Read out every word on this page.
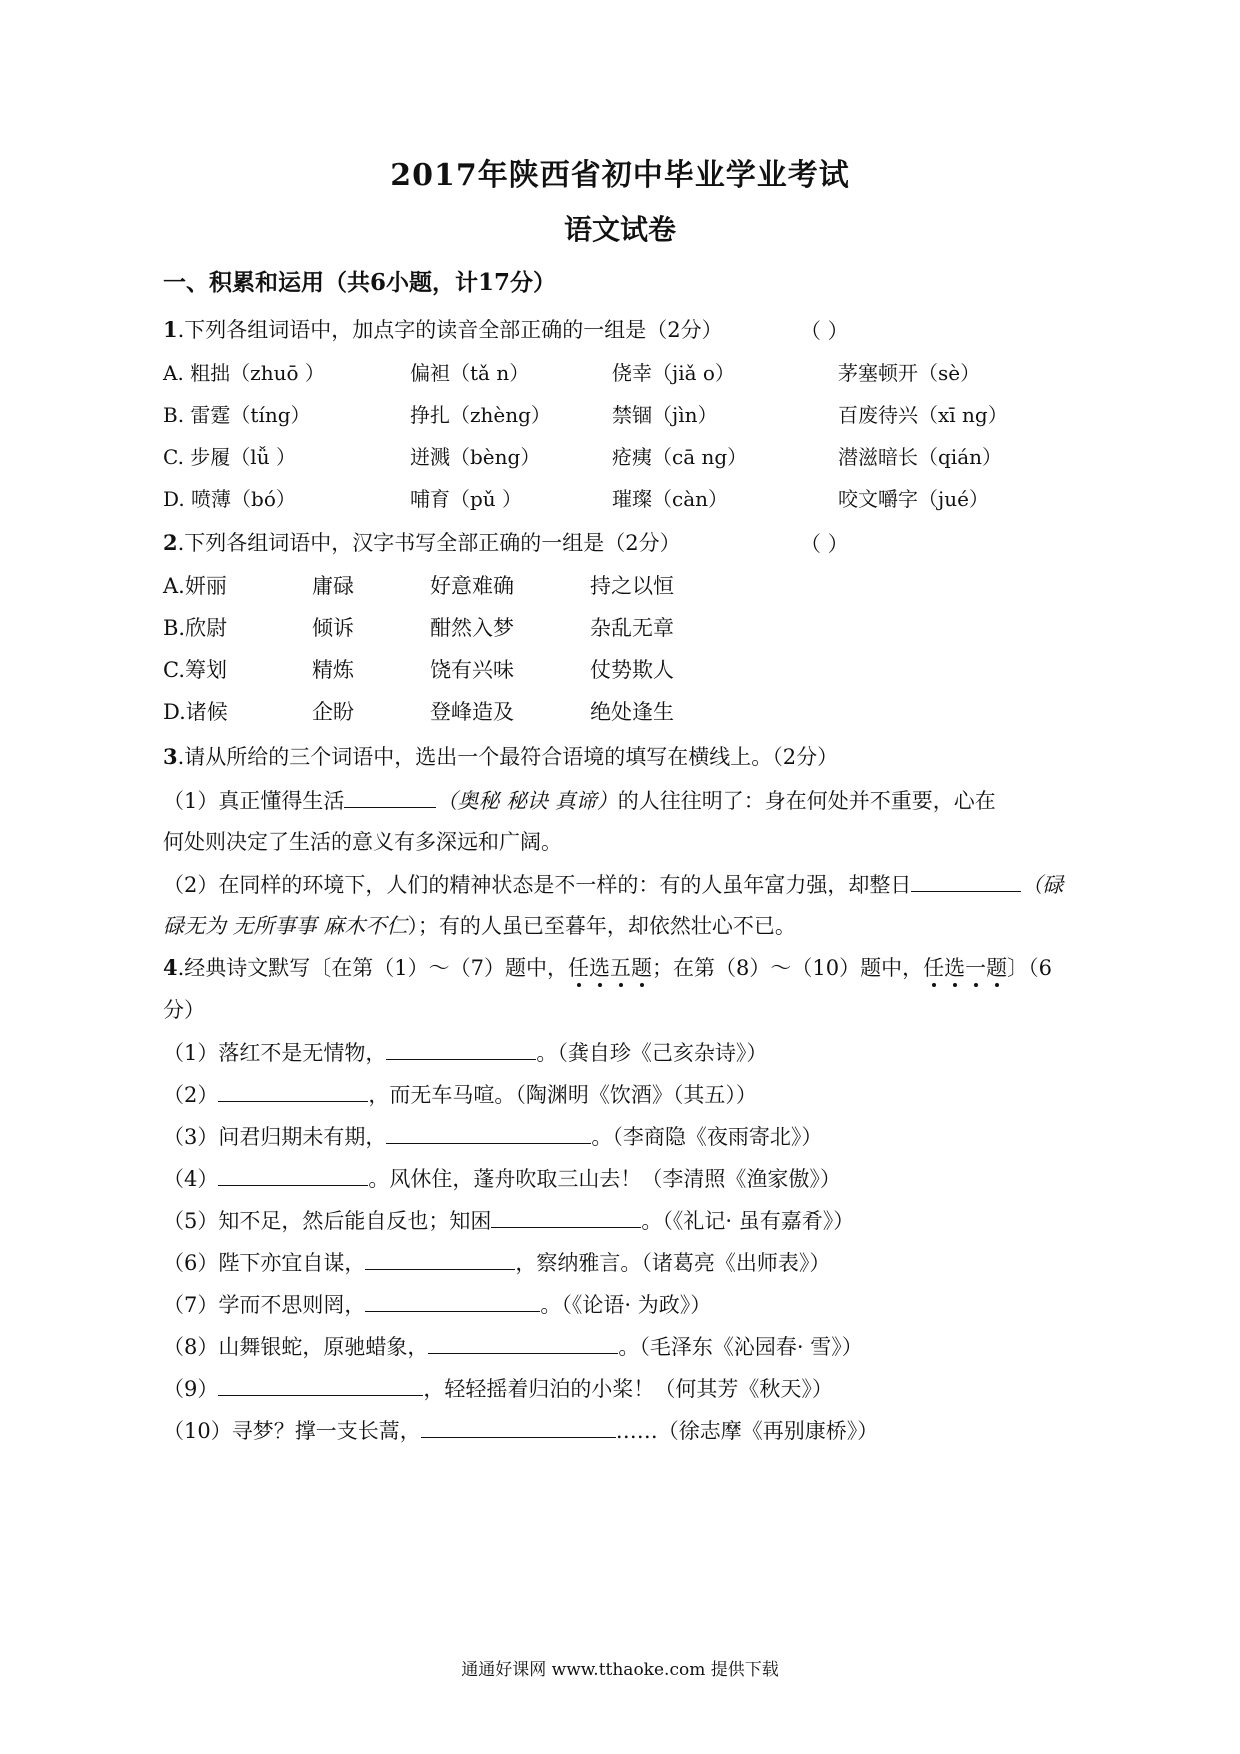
2017年陕西省初中毕业学业考试
语文试卷
一、积累和运用（共6小题，计17分）
1.下列各组词语中，加点字的读音全部正确的一组是（2分）	（ ）
A. 粗拙（zhuō ）	偏袒（tǎ n）	侥幸（jiǎ o）	茅塞顿开（sè）
B. 雷霆（tíng）	挣扎（zhèng）	禁锢（jìn）	百废待兴（xī ng）
C. 步履（lǚ ）	迸溅（bèng）	疮痍（cā ng）	潜滋暗长（qián）
D. 喷薄（bó）	哺育（pǔ ）	璀璨（càn）	咬文嚼字（jué）
2.下列各组词语中，汉字书写全部正确的一组是（2分）	（ ）
A.妍丽	庸碌	好意难确	持之以恒
B.欣尉	倾诉	酣然入梦	杂乱无章
C.筹划	精炼	饶有兴味	仗势欺人
D.诸候	企盼	登峰造及	绝处逢生
3.请从所给的三个词语中，选出一个最符合语境的填写在横线上。（2分）
（1）真正懂得生活	（奥秘 秘诀 真谛）的人往往明了：身在何处并不重要，心在
何处则决定了生活的意义有多深远和广阔。
（2）在同样的环境下，人们的精神状态是不一样的：有的人虽年富力强，却整日	（碌
碌无为 无所事事 麻木不仁）；有的人虽已至暮年，却依然壮心不已。
4.经典诗文默写〔在第（1）～（7）题中，任选五题；在第（8）～（10）题中，任选一题〕（6
分）
（1）落红不是无情物，	。（龚自珍《己亥杂诗》）
（2）	，而无车马喧。（陶渊明《饮酒》（其五））
（3）问君归期未有期，	。（李商隐《夜雨寄北》）
（4）	。风休住，蓬舟吹取三山去！（李清照《渔家傲》）
（5）知不足，然后能自反也；知困	。（《礼记· 虽有嘉肴》）
（6）陛下亦宜自谋，	，察纳雅言。（诸葛亮《出师表》）
（7）学而不思则罔，	。（《论语· 为政》）
（8）山舞银蛇，原驰蜡象，	。（毛泽东《沁园春· 雪》）
（9）	，轻轻摇着归泊的小桨！（何其芳《秋天》）
（10）寻梦？撑一支长蒿，	……（徐志摩《再别康桥》）
通通好课网 www.tthaoke.com 提供下载
